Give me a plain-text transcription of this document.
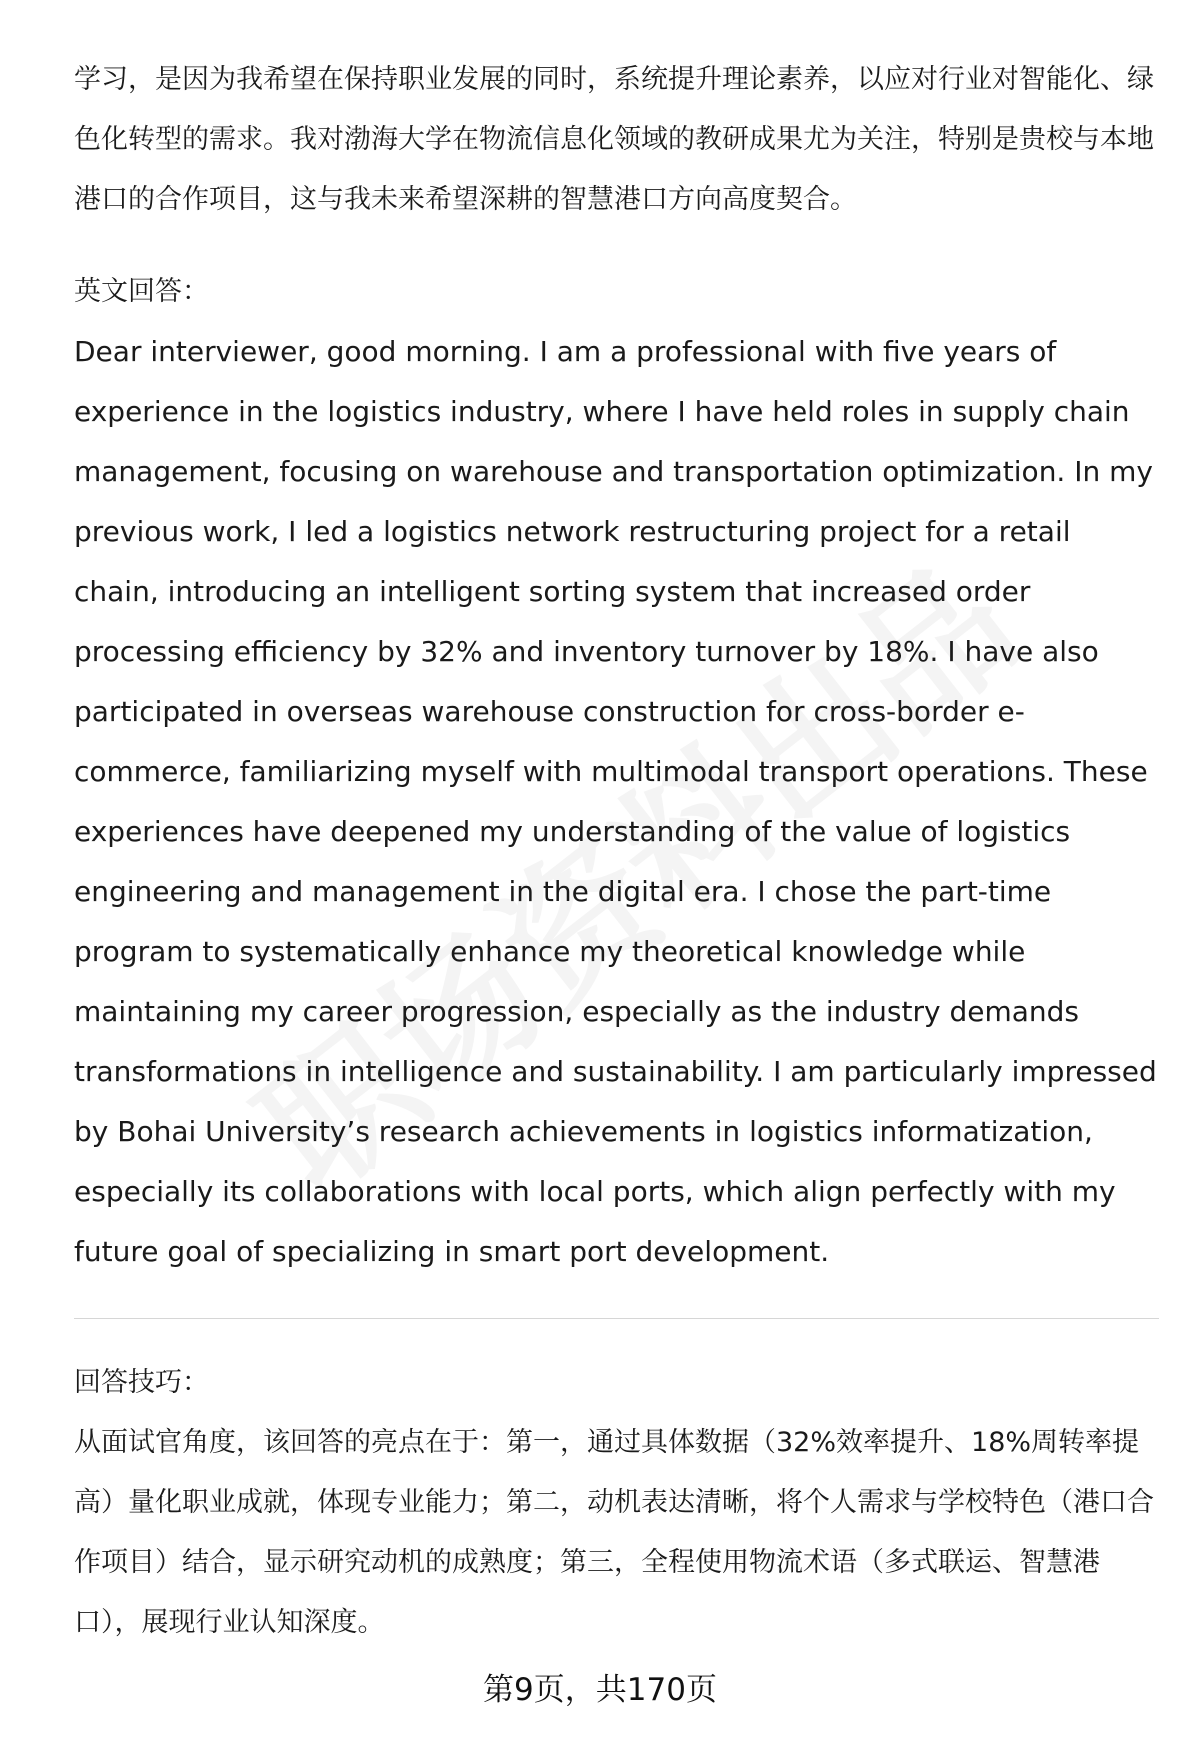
学习，是因为我希望在保持职业发展的同时，系统提升理论素养，以应对行业对智能化、绿色化转型的需求。我对渤海大学在物流信息化领域的教研成果尤为关注，特别是贵校与本地港口的合作项目，这与我未来希望深耕的智慧港口方向高度契合。

英文回答：

Dear interviewer, good morning. I am a professional with five years of experience in the logistics industry, where I have held roles in supply chain management, focusing on warehouse and transportation optimization. In my previous work, I led a logistics network restructuring project for a retail chain, introducing an intelligent sorting system that increased order processing efficiency by 32% and inventory turnover by 18%. I have also participated in overseas warehouse construction for cross-border e-commerce, familiarizing myself with multimodal transport operations. These experiences have deepened my understanding of the value of logistics engineering and management in the digital era. I chose the part-time program to systematically enhance my theoretical knowledge while maintaining my career progression, especially as the industry demands transformations in intelligence and sustainability. I am particularly impressed by Bohai University’s research achievements in logistics informatization, especially its collaborations with local ports, which align perfectly with my future goal of specializing in smart port development.

回答技巧：

从面试官角度，该回答的亮点在于：第一，通过具体数据（32%效率提升、18%周转率提高）量化职业成就，体现专业能力；第二，动机表达清晰，将个人需求与学校特色（港口合作项目）结合，显示研究动机的成熟度；第三，全程使用物流术语（多式联运、智慧港口），展现行业认知深度。

第9页，共170页
